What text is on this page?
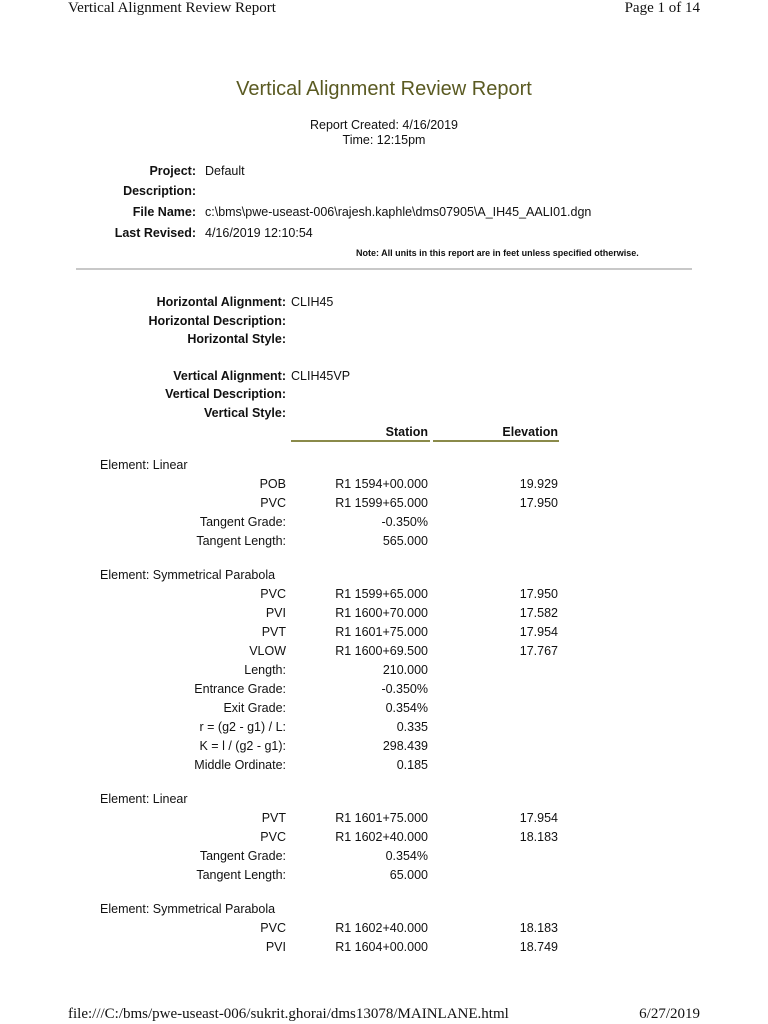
Vertical Alignment Review Report	Page 1 of 14
Vertical Alignment Review Report
Report Created: 4/16/2019
Time: 12:15pm
Project: Default
Description:
File Name: c:\bms\pwe-useast-006\rajesh.kaphle\dms07905\A_IH45_AALI01.dgn
Last Revised: 4/16/2019 12:10:54
Note: All units in this report are in feet unless specified otherwise.
Horizontal Alignment: CLIH45
Horizontal Description:
Horizontal Style:
Vertical Alignment: CLIH45VP
Vertical Description:
Vertical Style:
Station	Elevation
Element: Linear
POB	R1 1594+00.000	19.929
PVC	R1 1599+65.000	17.950
Tangent Grade:	-0.350%
Tangent Length:	565.000
Element: Symmetrical Parabola
PVC	R1 1599+65.000	17.950
PVI	R1 1600+70.000	17.582
PVT	R1 1601+75.000	17.954
VLOW	R1 1600+69.500	17.767
Length:	210.000
Entrance Grade:	-0.350%
Exit Grade:	0.354%
r = (g2 - g1) / L:	0.335
K = l / (g2 - g1):	298.439
Middle Ordinate:	0.185
Element: Linear
PVT	R1 1601+75.000	17.954
PVC	R1 1602+40.000	18.183
Tangent Grade:	0.354%
Tangent Length:	65.000
Element: Symmetrical Parabola
PVC	R1 1602+40.000	18.183
PVI	R1 1604+00.000	18.749
file:///C:/bms/pwe-useast-006/sukrit.ghorai/dms13078/MAINLANE.html	6/27/2019
